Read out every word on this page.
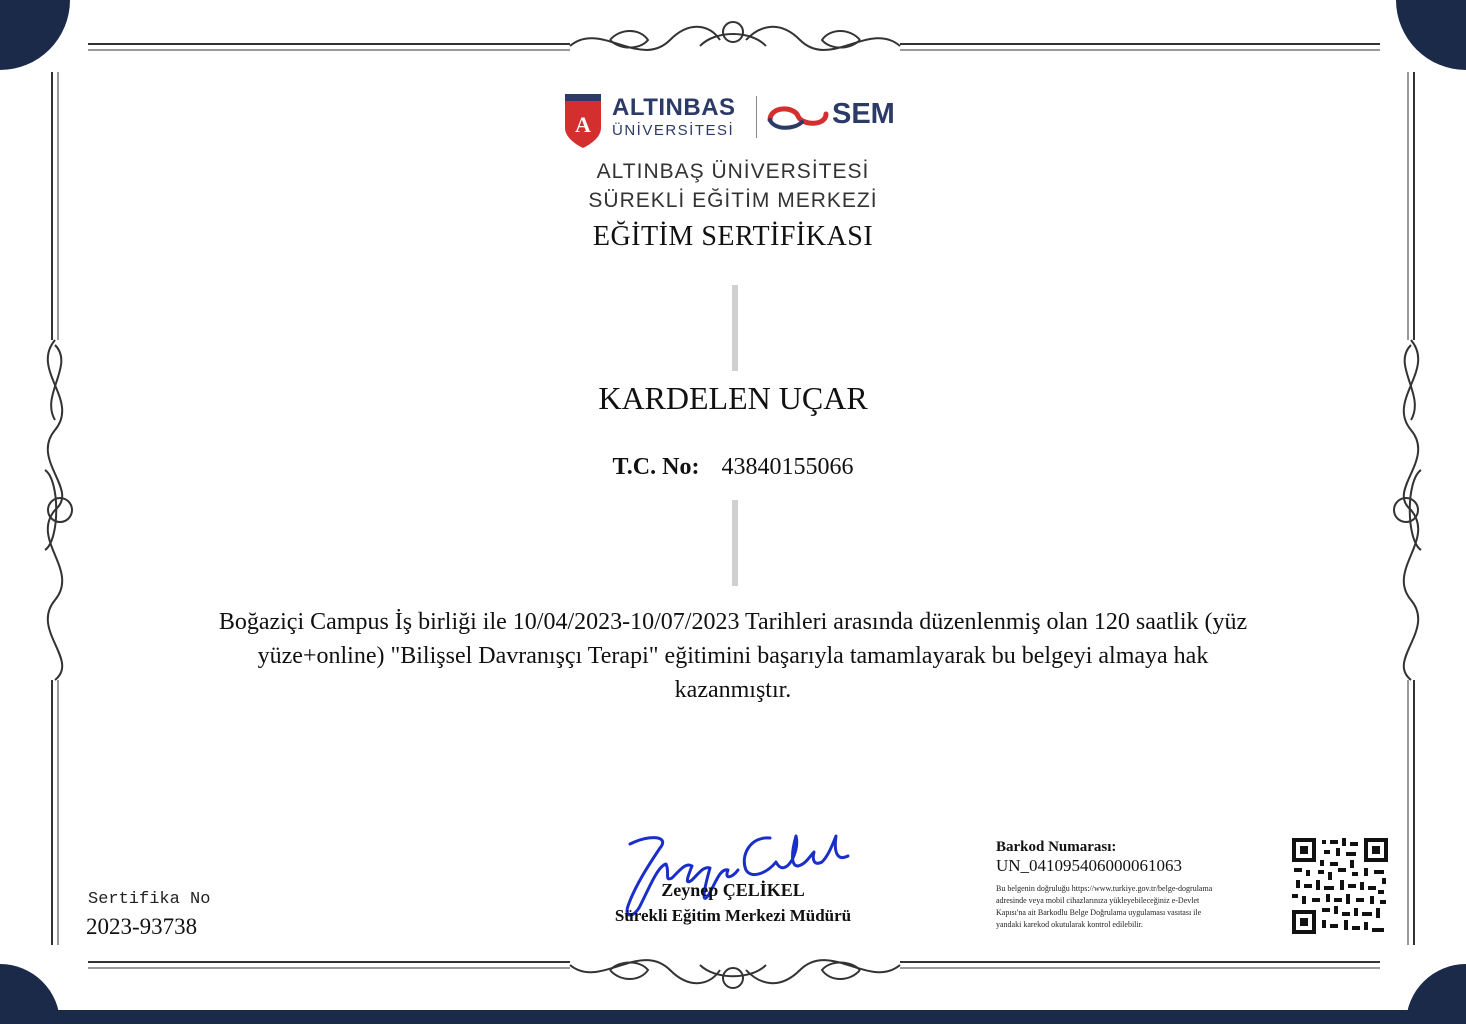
A
ALTINBAS
ÜNİVERSİTESİ
SEM
ALTINBAŞ ÜNİVERSİTESİ
SÜREKLİ EĞİTİM MERKEZİ
EĞİTİM SERTİFİKASI
KARDELEN UÇAR
T.C. No: 43840155066
Boğaziçi Campus İş birliği ile 10/04/2023-10/07/2023 Tarihleri arasında düzenlenmiş olan 120 saatlik (yüz
yüze+online) "Bilişsel Davranışçı Terapi" eğitimini başarıyla tamamlayarak bu belgeyi almaya hak
kazanmıştır.
Sertifika No
2023-93738
Zeynep ÇELİKEL
Sürekli Eğitim Merkezi Müdürü
Barkod Numarası:
UN_041095406000061063
Bu belgenin doğruluğu https://www.turkiye.gov.tr/belge-dogrulama
adresinde veya mobil cihazlarınıza yükleyebileceğiniz e-Devlet
Kapısı'na ait Barkodlu Belge Doğrulama uygulaması vasıtası ile
yandaki karekod okutularak kontrol edilebilir.
